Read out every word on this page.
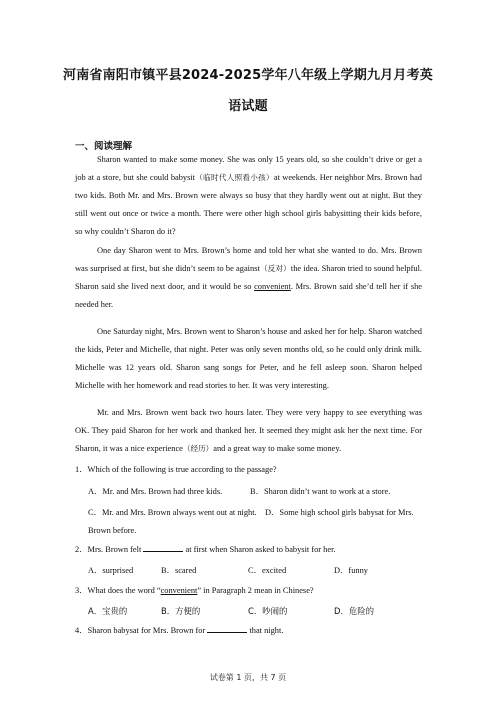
河南省南阳市镇平县2024-2025学年八年级上学期九月月考英
语试题
一、阅读理解

Sharon wanted to make some money. She was only 15 years old, so she couldn’t drive or get a job at a store, but she could babysit（临时代人照看小孩）at weekends. Her neighbor Mrs. Brown had two kids. Both Mr. and Mrs. Brown were always so busy that they hardly went out at night. But they still went out once or twice a month. There were other high school girls babysitting their kids before, so why couldn’t Sharon do it?

One day Sharon went to Mrs. Brown’s home and told her what she wanted to do. Mrs. Brown was surprised at first, but she didn’t seem to be against（反对）the idea. Sharon tried to sound helpful. Sharon said she lived next door, and it would be so convenient. Mrs. Brown said she’d tell her if she needed her.

One Saturday night, Mrs. Brown went to Sharon’s house and asked her for help. Sharon watched the kids, Peter and Michelle, that night. Peter was only seven months old, so he could only drink milk. Michelle was 12 years old. Sharon sang songs for Peter, and he fell asleep soon. Sharon helped Michelle with her homework and read stories to her. It was very interesting.

Mr. and Mrs. Brown went back two hours later. They were very happy to see everything was OK. They paid Sharon for her work and thanked her. It seemed they might ask her the next time. For Sharon, it was a nice experience（经历）and a great way to make some money.

1．Which of the following is true according to the passage?
A．Mr. and Mrs. Brown had three kids.	B．Sharon didn’t want to work at a store.
C．Mr. and Mrs. Brown always went out at night. D．Some high school girls babysat for Mrs.
Brown before.
2．Mrs. Brown felt	at first when Sharon asked to babysit for her.
A．surprised	B．scared	C．excited	D．funny
3．What does the word “convenient” in Paragraph 2 mean in Chinese?
A．宝贵的	B．方便的	C．吵闹的	D．危险的
4．Sharon babysat for Mrs. Brown for	that night.
试卷第 1 页，共 7 页
